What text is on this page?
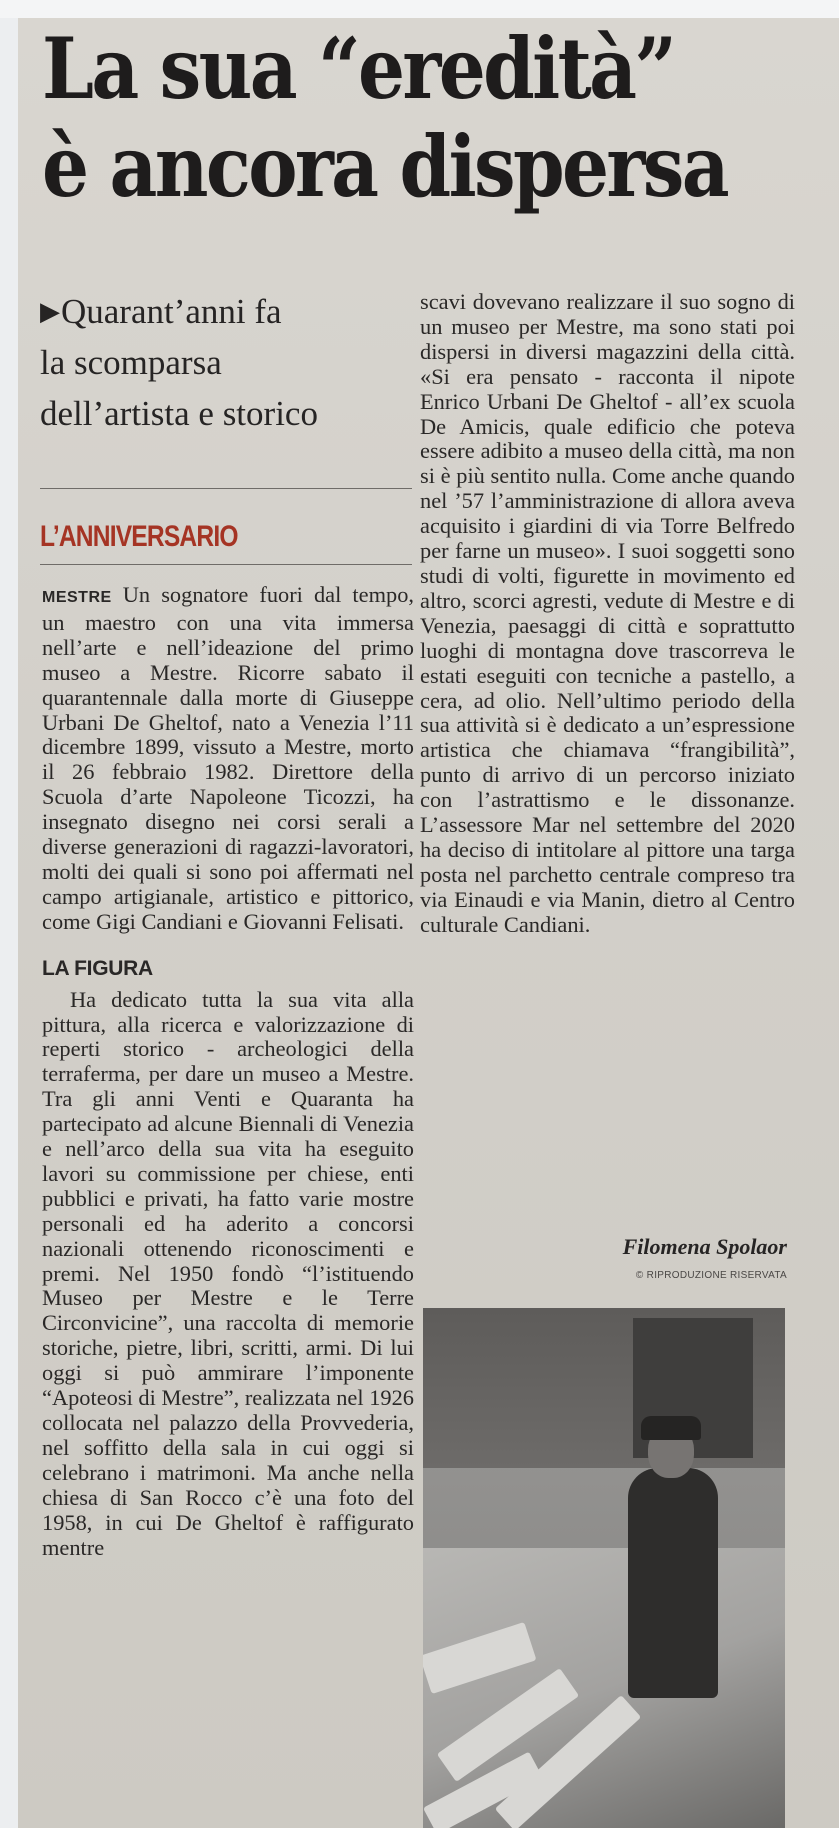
La sua “eredità”
è ancora dispersa
▶Quarant’anni fa
la scomparsa
dell’artista e storico
L’ANNIVERSARIO

MESTRE Un sognatore fuori dal tempo, un maestro con una vita immersa nell’arte e nell’ideazione del primo museo a Mestre. Ricorre sabato il quarantennale dalla morte di Giuseppe Urbani De Gheltof, nato a Venezia l’11 dicembre 1899, vissuto a Mestre, morto il 26 febbraio 1982. Direttore della Scuola d’arte Napoleone Ticozzi, ha insegnato disegno nei corsi serali a diverse generazioni di ragazzi-lavoratori, molti dei quali si sono poi affermati nel campo artigianale, artistico e pittorico, come Gigi Candiani e Giovanni Felisati.

LA FIGURA

Ha dedicato tutta la sua vita alla pittura, alla ricerca e valorizzazione di reperti storico - archeologici della terraferma, per dare un museo a Mestre. Tra gli anni Venti e Quaranta ha partecipato ad alcune Biennali di Venezia e nell’arco della sua vita ha eseguito lavori su commissione per chiese, enti pubblici e privati, ha fatto varie mostre personali ed ha aderito a concorsi nazionali ottenendo riconoscimenti e premi. Nel 1950 fondò “l’istituendo Museo per Mestre e le Terre Circonvicine”, una raccolta di memorie storiche, pietre, libri, scritti, armi. Di lui oggi si può ammirare l’imponente “Apoteosi di Mestre”, realizzata nel 1926 collocata nel palazzo della Provvederia, nel soffitto della sala in cui oggi si celebrano i matrimoni. Ma anche nella chiesa di San Rocco c’è una foto del 1958, in cui De Gheltof è raffigurato mentre

scavi dovevano realizzare il suo sogno di un museo per Mestre, ma sono stati poi dispersi in diversi magazzini della città. «Si era pensato - racconta il nipote Enrico Urbani De Gheltof - all’ex scuola De Amicis, quale edificio che poteva essere adibito a museo della città, ma non si è più sentito nulla. Come anche quando nel ’57 l’amministrazione di allora aveva acquisito i giardini di via Torre Belfredo per farne un museo». I suoi soggetti sono studi di volti, figurette in movimento ed altro, scorci agresti, vedute di Mestre e di Venezia, paesaggi di città e soprattutto luoghi di montagna dove trascorreva le estati eseguiti con tecniche a pastello, a cera, ad olio. Nell’ultimo periodo della sua attività si è dedicato a un’espressione artistica che chiamava “frangibilità”, punto di arrivo di un percorso iniziato con l’astrattismo e le dissonanze. L’assessore Mar nel settembre del 2020 ha deciso di intitolare al pittore una targa posta nel parchetto centrale compreso tra via Einaudi e via Manin, dietro al Centro culturale Candiani.

Filomena Spolaor
© RIPRODUZIONE RISERVATA
